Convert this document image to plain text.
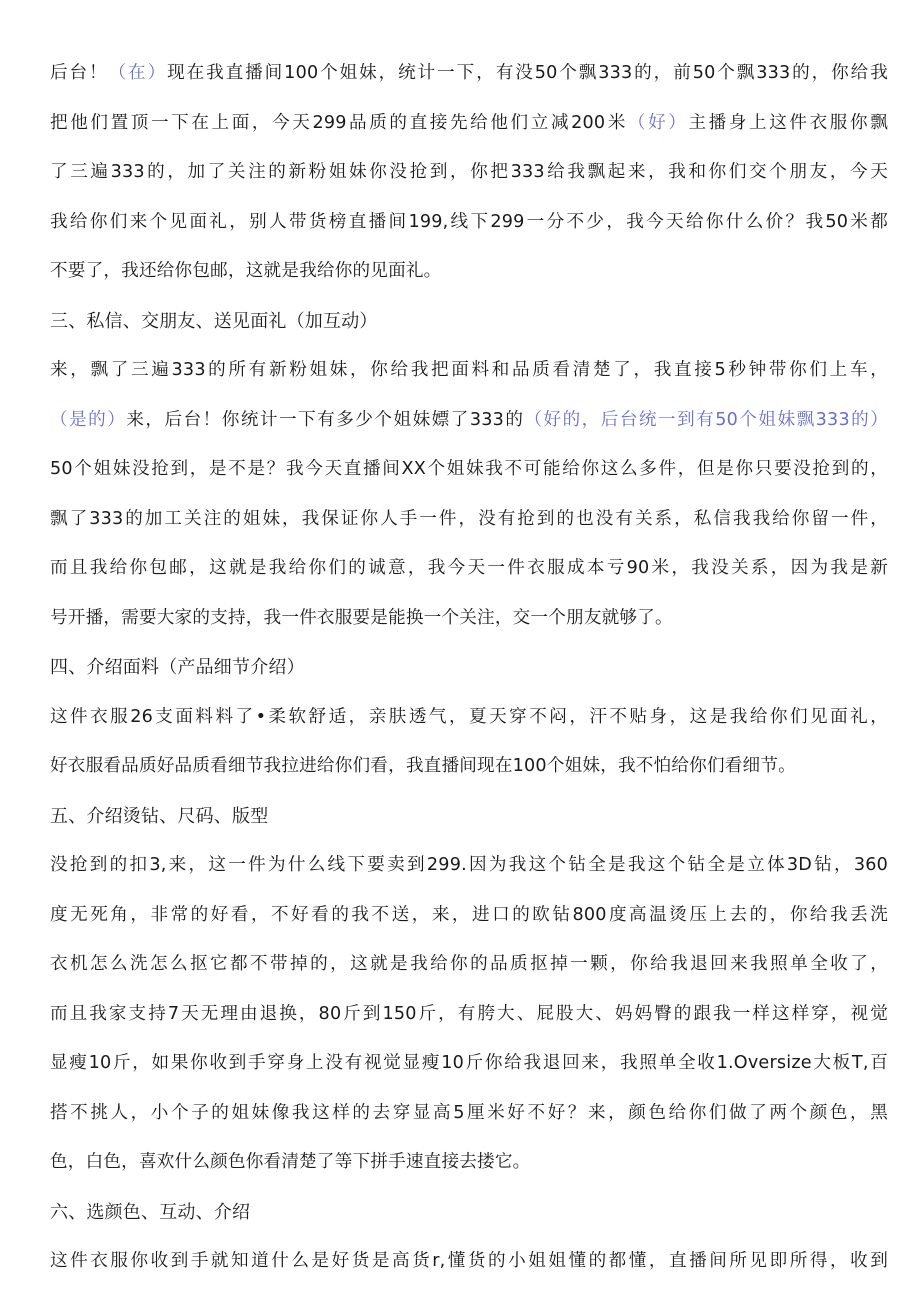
后台！（在）现在我直播间100个姐妹，统计一下，有没50个飘333的，前50个飘333的，你给我
把他们置顶一下在上面，今天299品质的直接先给他们立减200米（好）主播身上这件衣服你飘
了三遍333的，加了关注的新粉姐妹你没抢到，你把333给我飘起来，我和你们交个朋友，今天
我给你们来个见面礼，别人带货榜直播间199,线下299一分不少，我今天给你什么价？我50米都
不要了，我还给你包邮，这就是我给你的见面礼。
三、私信、交朋友、送见面礼（加互动）
来，飘了三遍333的所有新粉姐妹，你给我把面料和品质看清楚了，我直接5秒钟带你们上车，
（是的）来，后台！你统计一下有多少个姐妹嫖了333的（好的，后台统一到有50个姐妹飘333的）
50个姐妹没抢到，是不是？我今天直播间XX个姐妹我不可能给你这么多件，但是你只要没抢到的，
飘了333的加工关注的姐妹，我保证你人手一件，没有抢到的也没有关系，私信我我给你留一件，
而且我给你包邮，这就是我给你们的诚意，我今天一件衣服成本亏90米，我没关系，因为我是新
号开播，需要大家的支持，我一件衣服要是能换一个关注，交一个朋友就够了。
四、介绍面料（产品细节介绍）
这件衣服26支面料料了•柔软舒适，亲肤透气，夏天穿不闷，汗不贴身，这是我给你们见面礼，
好衣服看品质好品质看细节我拉进给你们看，我直播间现在100个姐妹，我不怕给你们看细节。
五、介绍烫钻、尺码、版型
没抢到的扣3,来，这一件为什么线下要卖到299.因为我这个钻全是我这个钻全是立体3D钻，360
度无死角，非常的好看，不好看的我不送，来，进口的欧钻800度高温烫压上去的，你给我丢洗
衣机怎么洗怎么抠它都不带掉的，这就是我给你的品质抠掉一颗，你给我退回来我照单全收了，
而且我家支持7天无理由退换，80斤到150斤，有胯大、屁股大、妈妈臀的跟我一样这样穿，视觉
显瘦10斤，如果你收到手穿身上没有视觉显瘦10斤你给我退回来，我照单全收1.Oversize大板T,百
搭不挑人，小个子的姐妹像我这样的去穿显高5厘米好不好？来，颜色给你们做了两个颜色，黑
色，白色，喜欢什么颜色你看清楚了等下拼手速直接去搂它。
六、选颜色、互动、介绍
这件衣服你收到手就知道什么是好货是高货r,懂货的小姐姐懂的都懂，直播间所见即所得，收到
